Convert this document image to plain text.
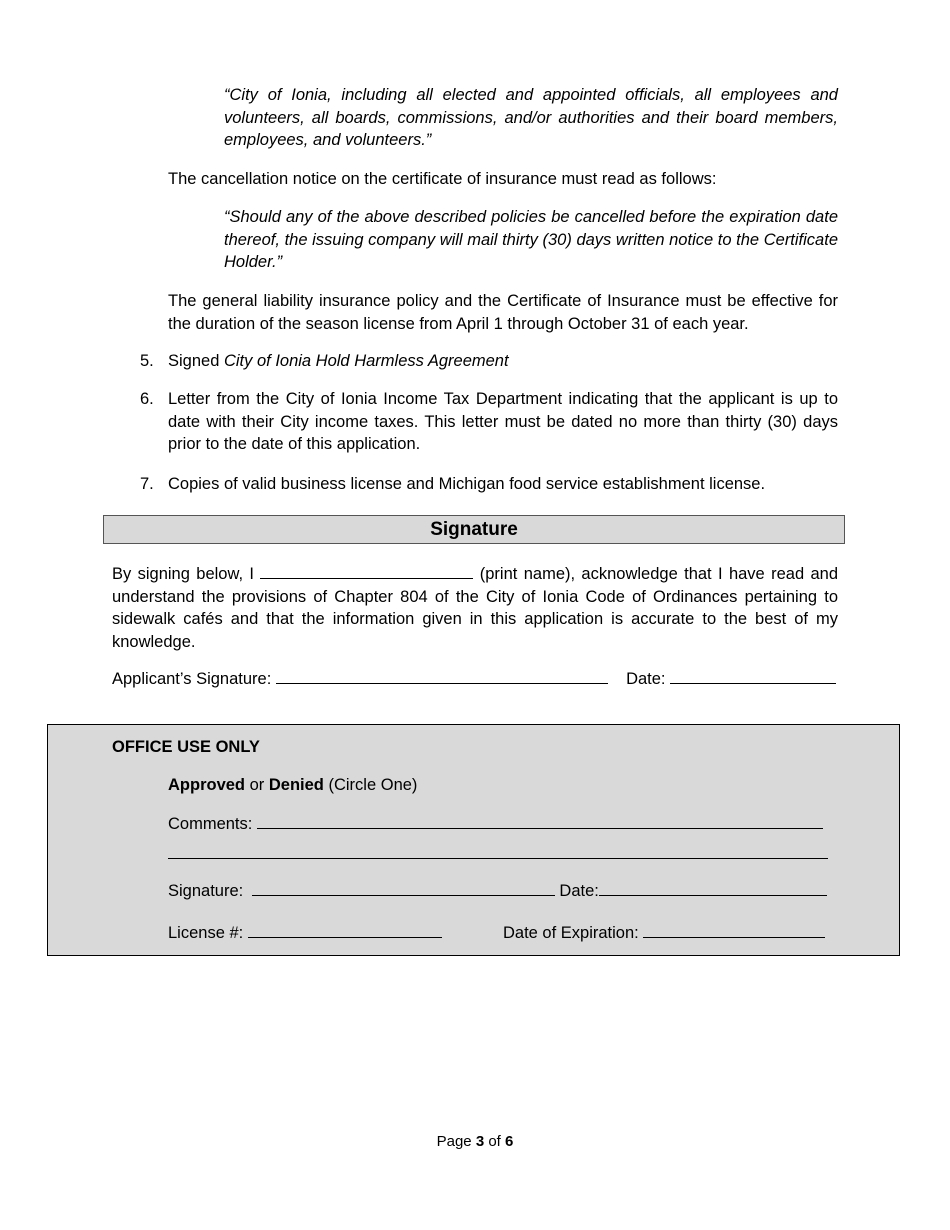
“City of Ionia, including all elected and appointed officials, all employees and volunteers, all boards, commissions, and/or authorities and their board members, employees, and volunteers.”
The cancellation notice on the certificate of insurance must read as follows:
“Should any of the above described policies be cancelled before the expiration date thereof, the issuing company will mail thirty (30) days written notice to the Certificate Holder.”
The general liability insurance policy and the Certificate of Insurance must be effective for the duration of the season license from April 1 through October 31 of each year.
5. Signed City of Ionia Hold Harmless Agreement
6. Letter from the City of Ionia Income Tax Department indicating that the applicant is up to date with their City income taxes. This letter must be dated no more than thirty (30) days prior to the date of this application.
7. Copies of valid business license and Michigan food service establishment license.
Signature
By signing below, I	(print name), acknowledge that I have read and understand the provisions of Chapter 804 of the City of Ionia Code of Ordinances pertaining to sidewalk cafés and that the information given in this application is accurate to the best of my knowledge.
Applicant’s Signature:	Date:
OFFICE USE ONLY
Approved or Denied (Circle One)
Comments:
Signature:	Date:
License #:	Date of Expiration:
Page 3 of 6
